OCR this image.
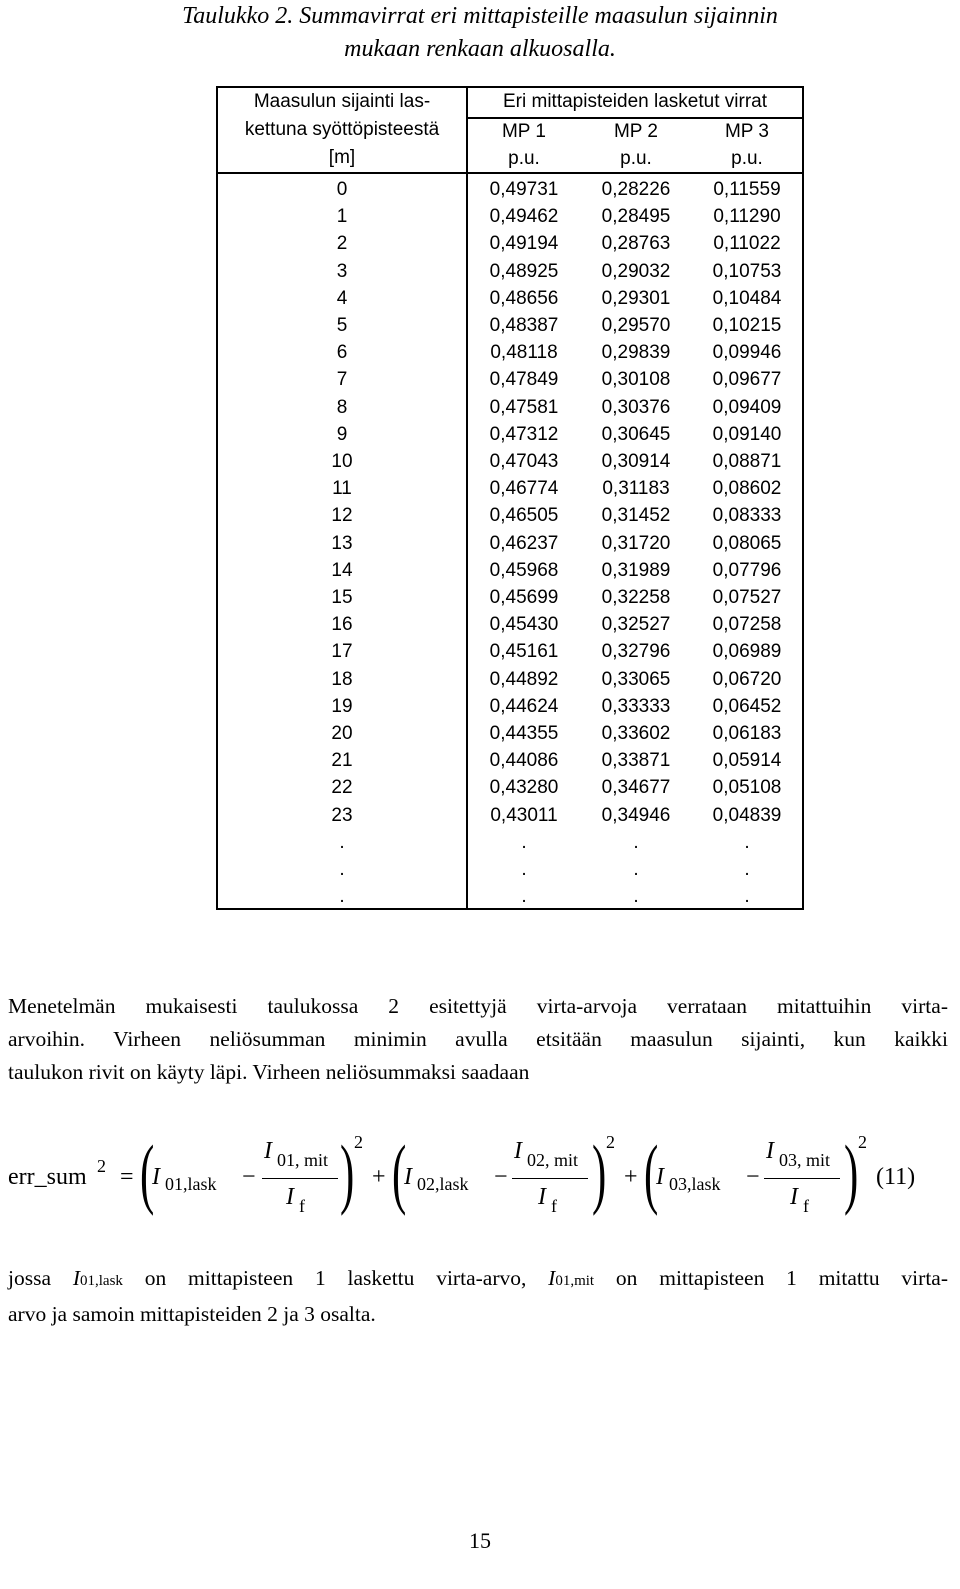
Taulukko 2. Summavirrat eri mittapisteille maasulun sijainnin
mukaan renkaan alkuosalla.
Maasulun sijainti las-
kettuna syöttöpisteestä
[m]
Eri mittapisteiden lasketut virrat
MP 1	MP 2	MP 3
p.u.	p.u.	p.u.
0	0,49731	0,28226	0,11559
1	0,49462	0,28495	0,11290
2	0,49194	0,28763	0,11022
3	0,48925	0,29032	0,10753
4	0,48656	0,29301	0,10484
5	0,48387	0,29570	0,10215
6	0,48118	0,29839	0,09946
7	0,47849	0,30108	0,09677
8	0,47581	0,30376	0,09409
9	0,47312	0,30645	0,09140
10	0,47043	0,30914	0,08871
11	0,46774	0,31183	0,08602
12	0,46505	0,31452	0,08333
13	0,46237	0,31720	0,08065
14	0,45968	0,31989	0,07796
15	0,45699	0,32258	0,07527
16	0,45430	0,32527	0,07258
17	0,45161	0,32796	0,06989
18	0,44892	0,33065	0,06720
19	0,44624	0,33333	0,06452
20	0,44355	0,33602	0,06183
21	0,44086	0,33871	0,05914
22	0,43280	0,34677	0,05108
23	0,43011	0,34946	0,04839
.	.	.	.
.	.	.	.
.	.	.	.
Menetelmän mukaisesti taulukossa 2 esitettyjä virta-arvoja verrataan mitattuihin virta-
arvoihin. Virheen neliösumman minimin avulla etsitään maasulun sijainti, kun kaikki
taulukon rivit on käyty läpi. Virheen neliösummaksi saadaan
err_sum 2 = (
I 01,lask −
I 01, mit
I f ) 2
+ (
I 02,lask −
I 02, mit
I f ) 2
+ (
I 03,lask −
I 03, mit
I f ) 2
(11)
jossa I01,lask on mittapisteen 1 laskettu virta-arvo, I01,mit on mittapisteen 1 mitattu virta-
arvo ja samoin mittapisteiden 2 ja 3 osalta.
15
